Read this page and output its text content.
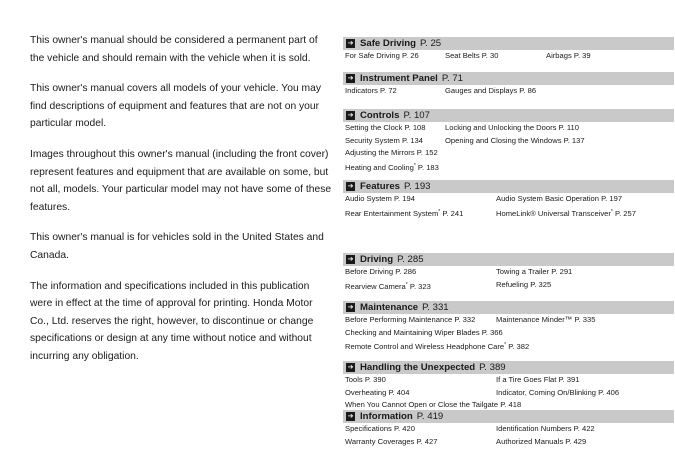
This owner's manual should be considered a permanent part of the vehicle and should remain with the vehicle when it is sold.

This owner's manual covers all models of your vehicle. You may find descriptions of equipment and features that are not on your particular model.

Images throughout this owner's manual (including the front cover) represent features and equipment that are available on some, but not all, models. Your particular model may not have some of these features.

This owner's manual is for vehicles sold in the United States and Canada.

The information and specifications included in this publication were in effect at the time of approval for printing. Honda Motor Co., Ltd. reserves the right, however, to discontinue or change specifications or design at any time without notice and without incurring any obligation.

➔ Safe Driving P. 25
For Safe Driving P. 26	Seat Belts P. 30	Airbags P. 39
➔ Instrument Panel P. 71
Indicators P. 72	Gauges and Displays P. 86
➔ Controls P. 107
Setting the Clock P. 108	Locking and Unlocking the Doors P. 110
Security System P. 134	Opening and Closing the Windows P. 137
Adjusting the Mirrors P. 152
Heating and Cooling* P. 183
➔ Features P. 193
Audio System P. 194	Audio System Basic Operation P. 197
Rear Entertainment System* P. 241	HomeLink® Universal Transceiver* P. 257
➔ Driving P. 285
Before Driving P. 286	Towing a Trailer P. 291
Rearview Camera* P. 323	Refueling P. 325
➔ Maintenance P. 331
Before Performing Maintenance P. 332	Maintenance Minder™ P. 335
Checking and Maintaining Wiper Blades P. 366
Remote Control and Wireless Headphone Care* P. 382
➔ Handling the Unexpected P. 389
Tools P. 390	If a Tire Goes Flat P. 391
Overheating P. 404	Indicator, Coming On/Blinking P. 406
When You Cannot Open or Close the Tailgate P. 418
➔ Information P. 419
Specifications P. 420	Identification Numbers P. 422
Warranty Coverages P. 427	Authorized Manuals P. 429
